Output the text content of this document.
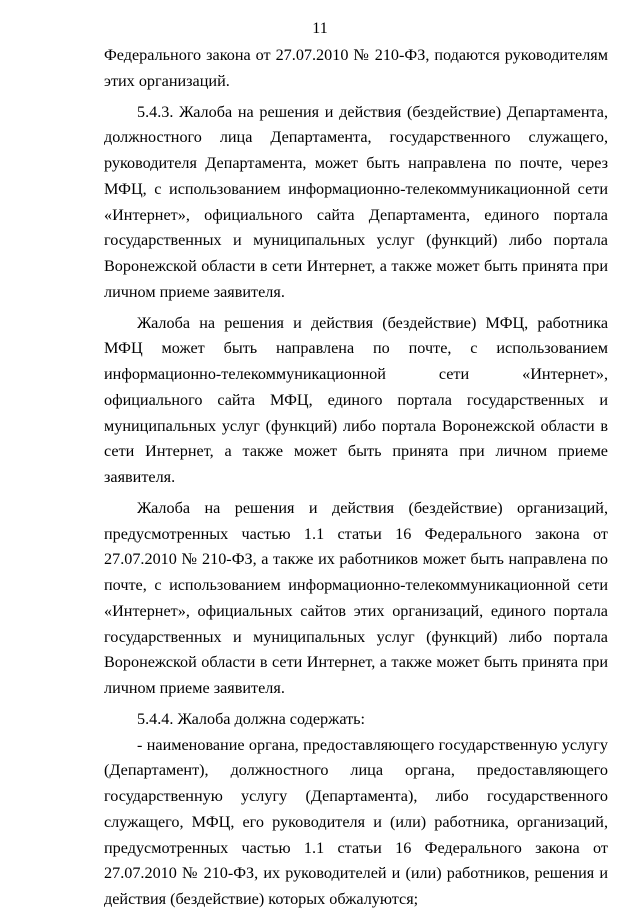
11

Федерального закона от 27.07.2010 № 210-ФЗ, подаются руководителям этих организаций.

5.4.3. Жалоба на решения и действия (бездействие) Департамента, должностного лица Департамента, государственного служащего, руководителя Департамента, может быть направлена по почте, через МФЦ, с использованием информационно-телекоммуникационной сети «Интернет», официального сайта Департамента, единого портала государственных и муниципальных услуг (функций) либо портала Воронежской области в сети Интернет, а также может быть принята при личном приеме заявителя.

Жалоба на решения и действия (бездействие) МФЦ, работника МФЦ может быть направлена по почте, с использованием информационно-телекоммуникационной сети «Интернет», официального сайта МФЦ, единого портала государственных и муниципальных услуг (функций) либо портала Воронежской области в сети Интернет, а также может быть принята при личном приеме заявителя.

Жалоба на решения и действия (бездействие) организаций, предусмотренных частью 1.1 статьи 16 Федерального закона от 27.07.2010 № 210-ФЗ, а также их работников может быть направлена по почте, с использованием информационно-телекоммуникационной сети «Интернет», официальных сайтов этих организаций, единого портала государственных и муниципальных услуг (функций) либо портала Воронежской области в сети Интернет, а также может быть принята при личном приеме заявителя.

5.4.4. Жалоба должна содержать:

- наименование органа, предоставляющего государственную услугу (Департамент), должностного лица органа, предоставляющего государственную услугу (Департамента), либо государственного служащего, МФЦ, его руководителя и (или) работника, организаций, предусмотренных частью 1.1 статьи 16 Федерального закона от 27.07.2010 № 210-ФЗ, их руководителей и (или) работников, решения и действия (бездействие) которых обжалуются;
